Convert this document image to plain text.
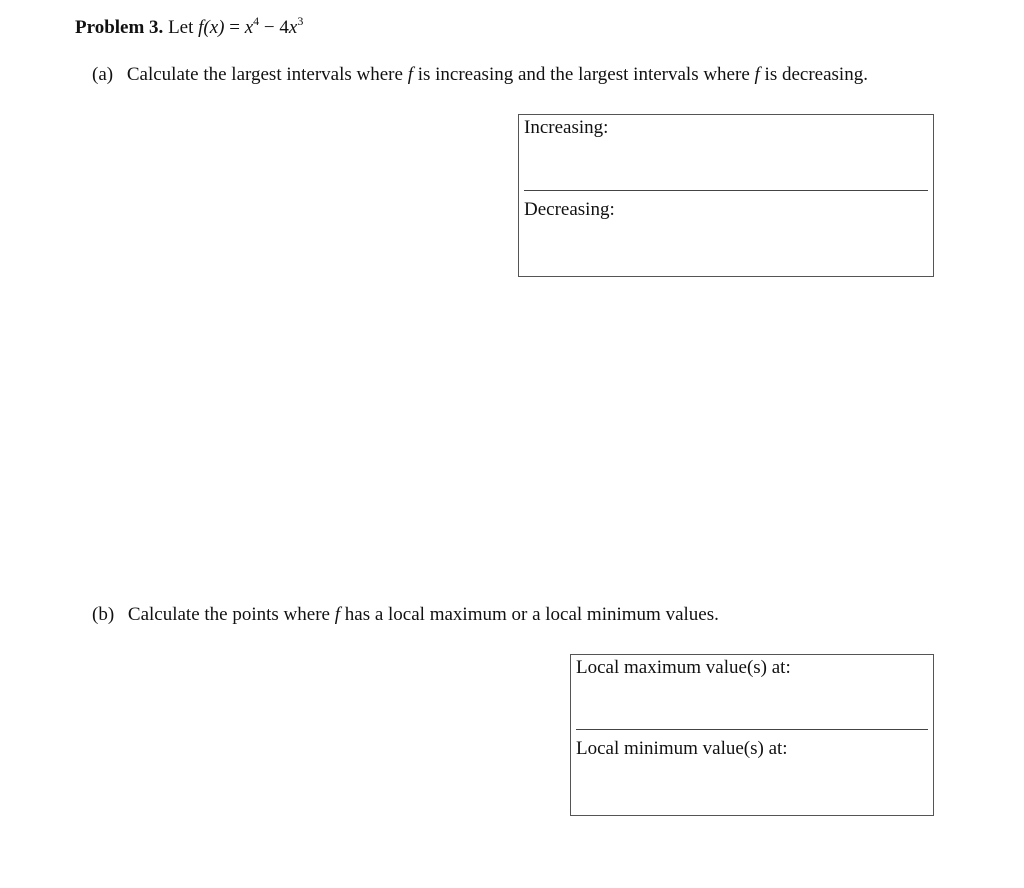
Problem 3. Let $f(x) = x^4 - 4x^3$
(a) Calculate the largest intervals where f is increasing and the largest intervals where f is decreasing.
Increasing:
Decreasing:
(b) Calculate the points where f has a local maximum or a local minimum values.
Local maximum value(s) at:
Local minimum value(s) at:
